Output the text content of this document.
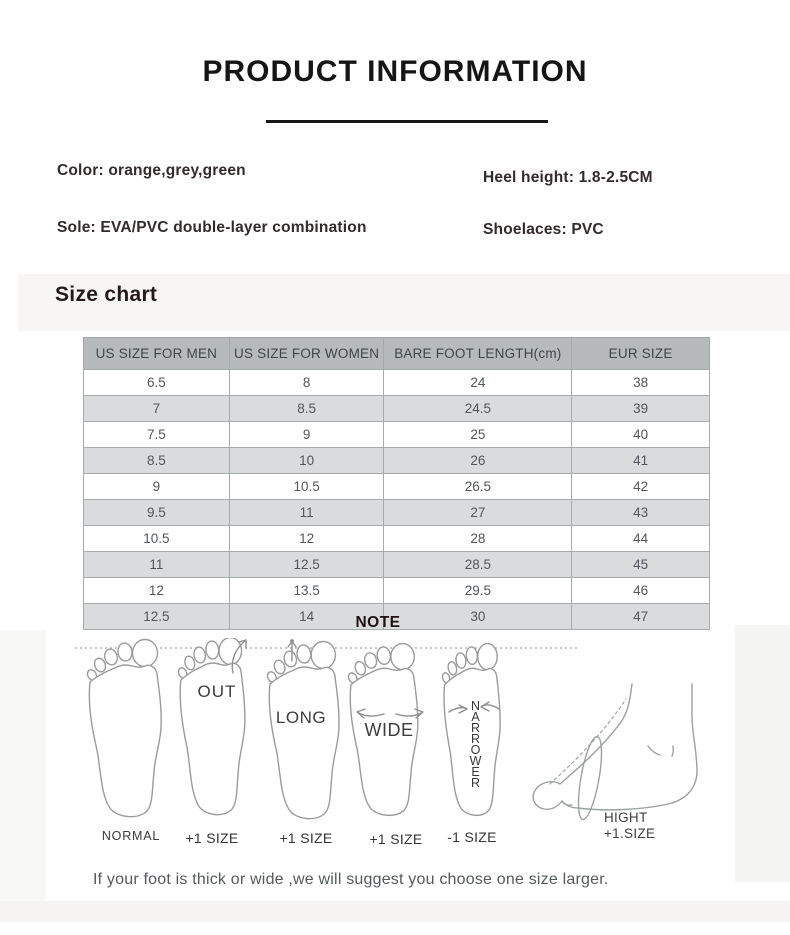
PRODUCT INFORMATION
Color: orange,grey,green	Heel height: 1.8-2.5CM
Sole: EVA/PVC double-layer combination	Shoelaces: PVC
Size chart
US SIZE FOR MEN	US SIZE FOR WOMEN	BARE FOOT LENGTH(cm)	EUR SIZE
6.5	8	24	38
7	8.5	24.5	39
7.5	9	25	40
8.5	10	26	41
9	10.5	26.5	42
9.5	11	27	43
10.5	12	28	44
11	12.5	28.5	45
12	13.5	29.5	46
12.5	14	30	47
NOTE
OUT
LONG
WIDE
NARROWER
NORMAL +1 SIZE	+1 SIZE	+1 SIZE -1 SIZE
HIGHT
+1.SIZE
If your foot is thick or wide ,we will suggest you choose one size larger.
